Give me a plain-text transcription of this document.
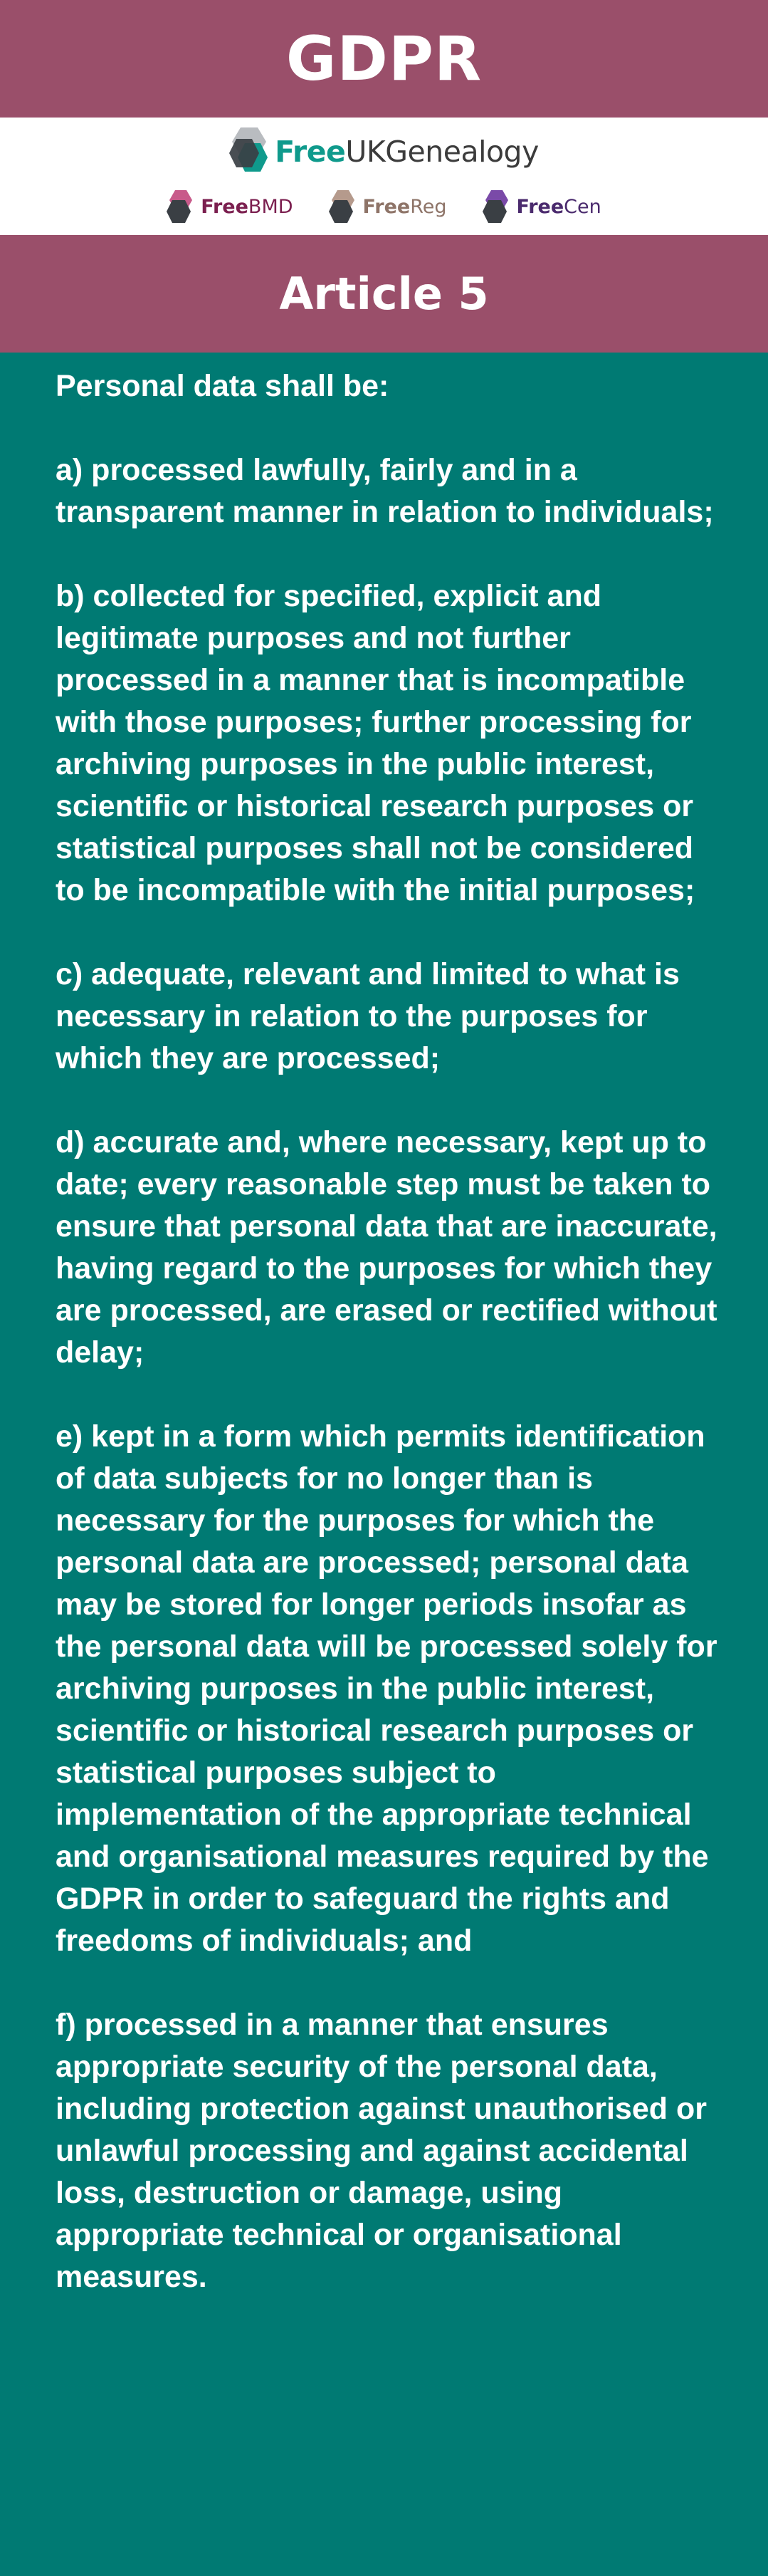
GDPR
FreeUKGenealogy
FreeBMD	FreeReg	FreeCen
Article 5

Personal data shall be:

a) processed lawfully, fairly and in a transparent manner in relation to individuals;

b) collected for specified, explicit and legitimate purposes and not further processed in a manner that is incompatible with those purposes; further processing for archiving purposes in the public interest, scientific or historical research purposes or statistical purposes shall not be considered to be incompatible with the initial purposes;

c) adequate, relevant and limited to what is necessary in relation to the purposes for which they are processed;

d) accurate and, where necessary, kept up to date; every reasonable step must be taken to ensure that personal data that are inaccurate, having regard to the purposes for which they are processed, are erased or rectified without delay;

e) kept in a form which permits identification of data subjects for no longer than is necessary for the purposes for which the personal data are processed; personal data may be stored for longer periods insofar as the personal data will be processed solely for archiving purposes in the public interest, scientific or historical research purposes or statistical purposes subject to implementation of the appropriate technical and organisational measures required by the GDPR in order to safeguard the rights and freedoms of individuals; and

f) processed in a manner that ensures appropriate security of the personal data, including protection against unauthorised or unlawful processing and against accidental loss, destruction or damage, using appropriate technical or organisational measures.
